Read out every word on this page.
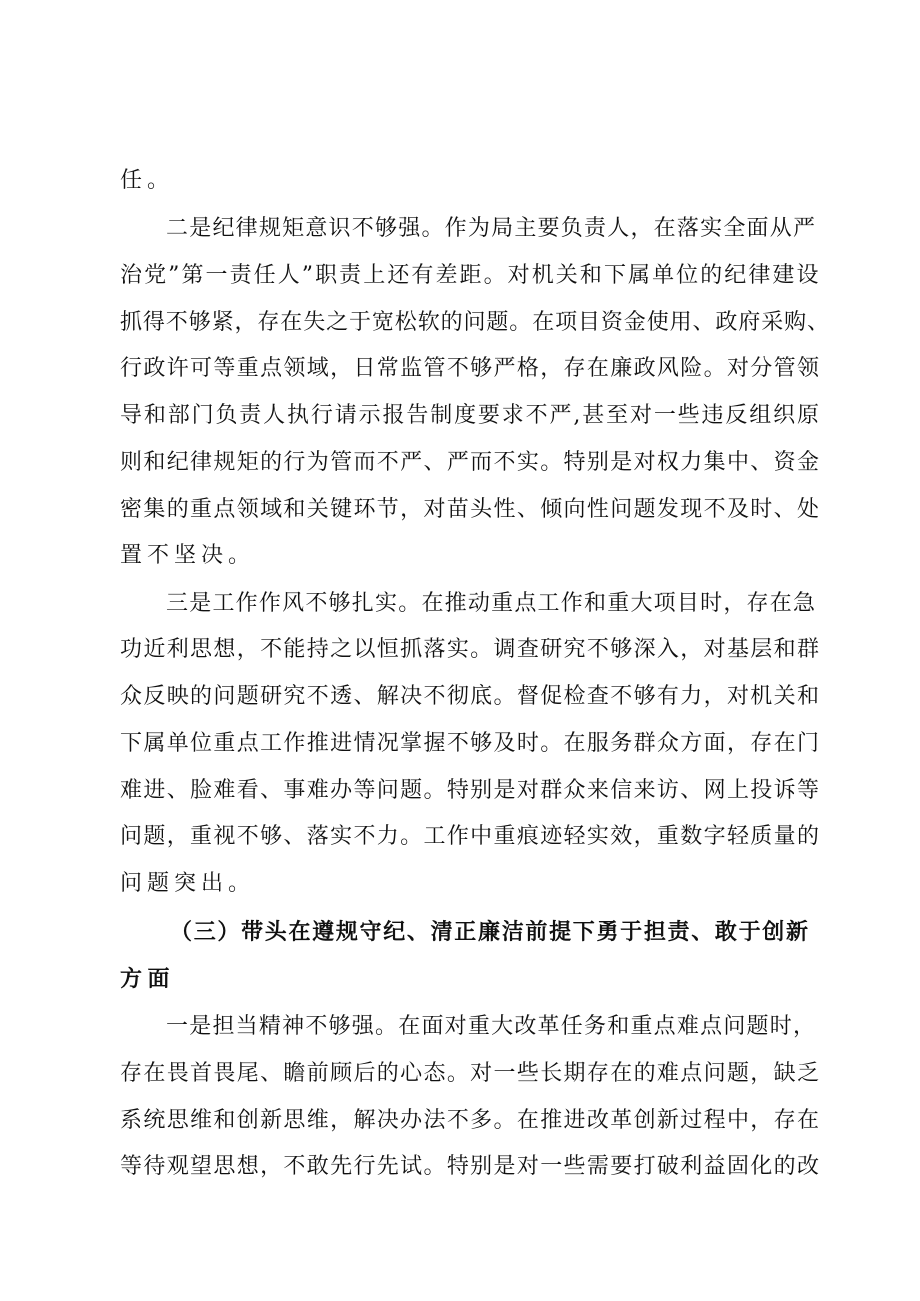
任。

二是纪律规矩意识不够强。作为局主要负责人，在落实全面从严

治党”第一责任人”职责上还有差距。对机关和下属单位的纪律建设

抓得不够紧，存在失之于宽松软的问题。在项目资金使用、政府采购、

行政许可等重点领域，日常监管不够严格，存在廉政风险。对分管领

导和部门负责人执行请示报告制度要求不严,甚至对一些违反组织原

则和纪律规矩的行为管而不严、严而不实。特别是对权力集中、资金

密集的重点领域和关键环节，对苗头性、倾向性问题发现不及时、处

置不坚决。

三是工作作风不够扎实。在推动重点工作和重大项目时，存在急

功近利思想，不能持之以恒抓落实。调查研究不够深入，对基层和群

众反映的问题研究不透、解决不彻底。督促检查不够有力，对机关和

下属单位重点工作推进情况掌握不够及时。在服务群众方面，存在门

难进、脸难看、事难办等问题。特别是对群众来信来访、网上投诉等

问题，重视不够、落实不力。工作中重痕迹轻实效，重数字轻质量的

问题突出。

（三）带头在遵规守纪、清正廉洁前提下勇于担责、敢于创新

方面

一是担当精神不够强。在面对重大改革任务和重点难点问题时，

存在畏首畏尾、瞻前顾后的心态。对一些长期存在的难点问题，缺乏

系统思维和创新思维，解决办法不多。在推进改革创新过程中，存在

等待观望思想，不敢先行先试。特别是对一些需要打破利益固化的改
